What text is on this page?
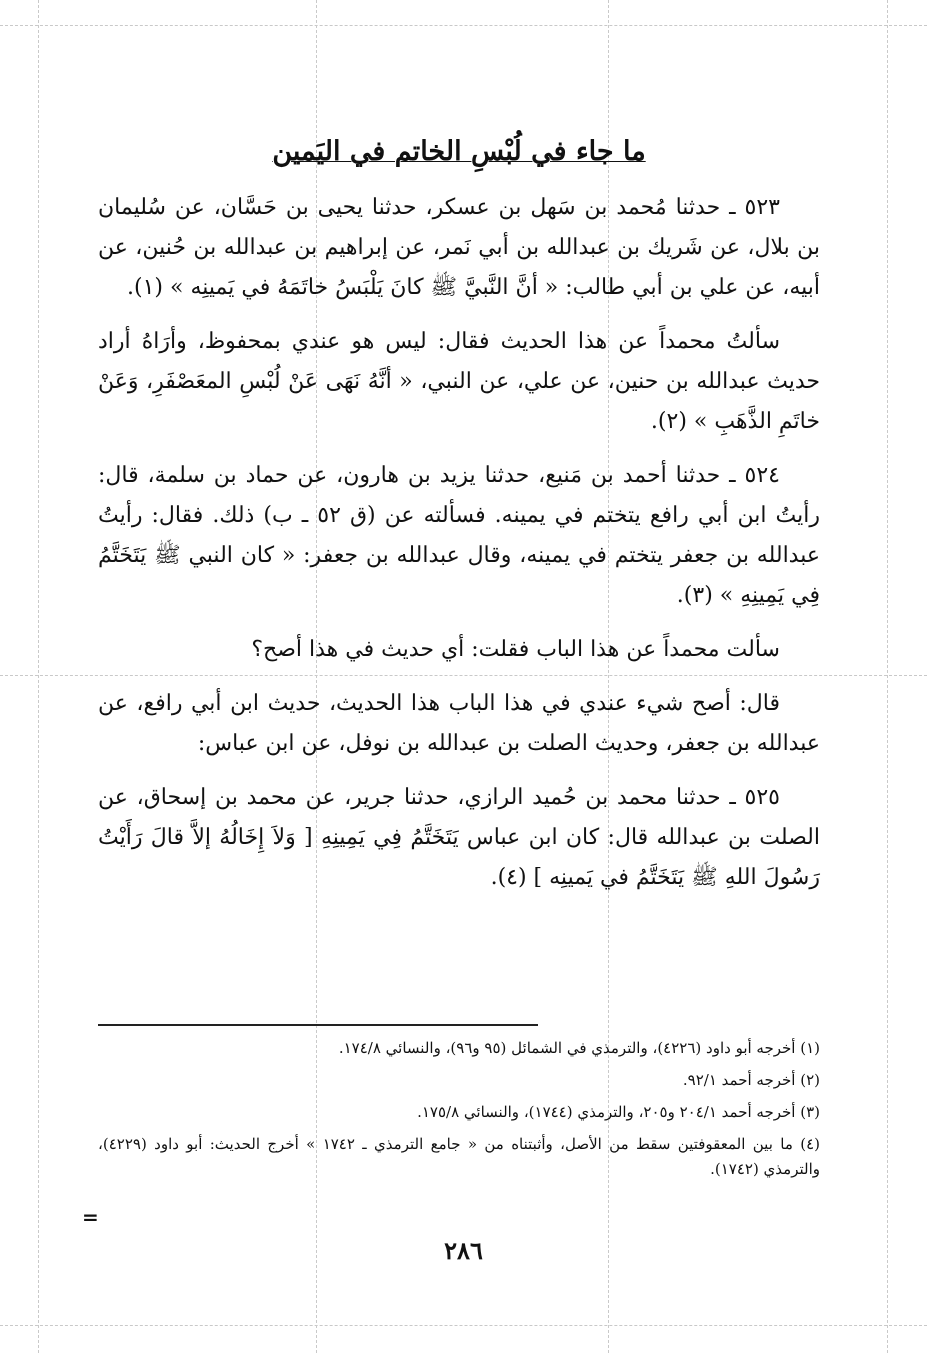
ما جاء في لُبْسِ الخاتم في اليَمين

٥٢٣ ـ حدثنا مُحمد بن سَهل بن عسكر، حدثنا يحيى بن حَسَّان، عن سُليمان بن بلال، عن شَريك بن عبدالله بن أبي نَمر، عن إبراهيم بن عبدالله بن حُنين، عن أبيه، عن علي بن أبي طالب: « أنَّ النَّبيَّ ﷺ كانَ يَلْبَسُ خاتَمَهُ في يَمينِه » (١).

سألتُ محمداً عن هذا الحديث فقال: ليس هو عندي بمحفوظ، وأرَاهُ أراد حديث عبدالله بن حنين، عن علي، عن النبي، « أنَّهُ نَهَى عَنْ لُبْسِ المعَصْفَرِ، وَعَنْ خاتَمِ الذَّهَبِ » (٢).

٥٢٤ ـ حدثنا أحمد بن مَنيع، حدثنا يزيد بن هارون، عن حماد بن سلمة، قال: رأيتُ ابن أبي رافع يتختم في يمينه. فسألته عن (ق ٥٢ ـ ب) ذلك. فقال: رأيتُ عبدالله بن جعفر يتختم في يمينه، وقال عبدالله بن جعفر: « كان النبي ﷺ يَتَخَتَّمُ فِي يَمِينِهِ » (٣).

سألت محمداً عن هذا الباب فقلت: أي حديث في هذا أصح؟

قال: أصح شيء عندي في هذا الباب هذا الحديث، حديث ابن أبي رافع، عن عبدالله بن جعفر، وحديث الصلت بن عبدالله بن نوفل، عن ابن عباس:

٥٢٥ ـ حدثنا محمد بن حُميد الرازي، حدثنا جرير، عن محمد بن إسحاق، عن الصلت بن عبدالله قال: كان ابن عباس يَتَخَتَّمُ فِي يَمِينِهِ [ وَلاَ إِخَالُهُ إلاَّ قالَ رَأَيْتُ رَسُولَ اللهِ ﷺ يَتَخَتَّمُ في يَمينِه ] (٤).

(١) أخرجه أبو داود (٤٢٢٦)، والترمذي في الشمائل (٩٥ و٩٦)، والنسائي ١٧٤/٨.

(٢) أخرجه أحمد ٩٢/١.

(٣) أخرجه أحمد ٢٠٤/١ و٢٠٥، والترمذي (١٧٤٤)، والنسائي ١٧٥/٨.

(٤) ما بين المعقوفتين سقط من الأصل، وأثبتناه من « جامع الترمذي ـ ١٧٤٢ » أخرج الحديث: أبو داود (٤٢٢٩)، والترمذي (١٧٤٢).

=
٢٨٦
